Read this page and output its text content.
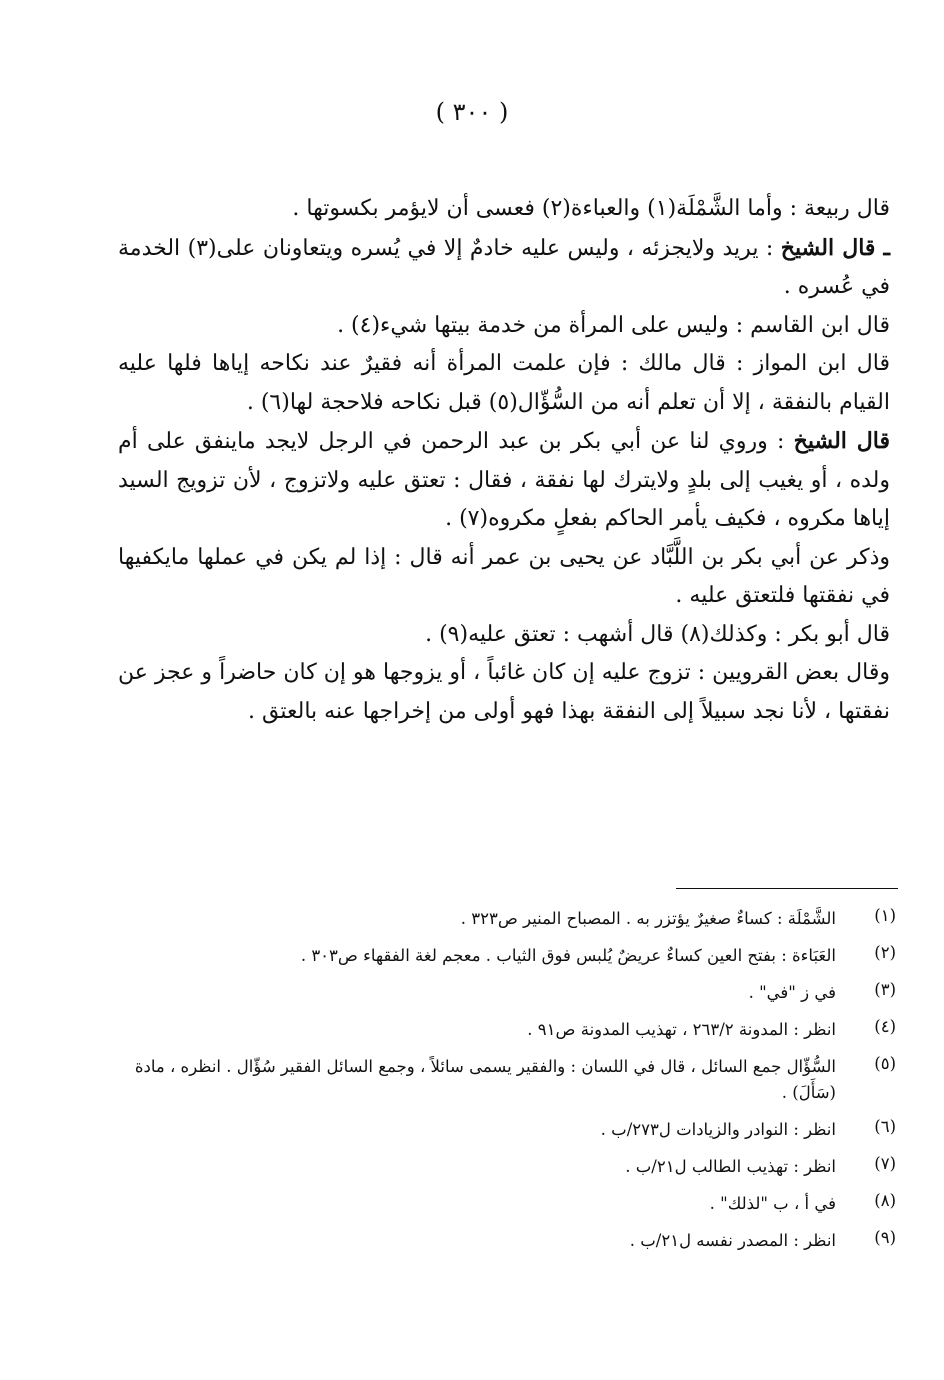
( ٣٠٠ )

قال ربيعة : وأما الشَّمْلَة(١) والعباءة(٢) فعسى أن لايؤمر بكسوتها .

ـ قال الشيخ : يريد ولايجزئه ، وليس عليه خادمٌ إلا في يُسره ويتعاونان على(٣) الخدمة في عُسره .

قال ابن القاسم : وليس على المرأة من خدمة بيتها شيء(٤) .

قال ابن المواز : قال مالك : فإن علمت المرأة أنه فقيرٌ عند نكاحه إياها فلها عليه القيام بالنفقة ، إلا أن تعلم أنه من السُّؤّال(٥) قبل نكاحه فلاحجة لها(٦) .

قال الشيخ : وروي لنا عن أبي بكر بن عبد الرحمن في الرجل لايجد ماينفق على أم ولده ، أو يغيب إلى بلدٍ ولايترك لها نفقة ، فقال : تعتق عليه ولاتزوج ، لأن تزويج السيد إياها مكروه ، فكيف يأمر الحاكم بفعلٍ مكروه(٧) .

وذكر عن أبي بكر بن اللَّبَّاد عن يحيى بن عمر أنه قال : إذا لم يكن في عملها مايكفيها في نفقتها فلتعتق عليه .

قال أبو بكر : وكذلك(٨) قال أشهب : تعتق عليه(٩) .

وقال بعض القرويين : تزوج عليه إن كان غائباً ، أو يزوجها هو إن كان حاضراً و عجز عن نفقتها ، لأنا نجد سبيلاً إلى النفقة بهذا فهو أولى من إخراجها عنه بالعتق .

(١)
الشَّمْلَة : كساءٌ صغيرٌ يؤتزر به . المصباح المنير ص٣٢٣ .
(٢)
العَبَاءة : بفتح العين كساءٌ عريضٌ يُلبس فوق الثياب . معجم لغة الفقهاء ص٣٠٣ .
(٣)
في ز "في" .
(٤)
انظر : المدونة ٢٦٣/٢ ، تهذيب المدونة ص٩١ .
(٥)
السُّؤّال جمع السائل ، قال في اللسان : والفقير يسمى سائلاً ، وجمع السائل الفقير سُؤّال . انظره ، مادة (سَأَلَ) .
(٦)
انظر : النوادر والزيادات ل٢٧٣/ب .
(٧)
انظر : تهذيب الطالب ل٢١/ب .
(٨)
في أ ، ب "لذلك" .
(٩)
انظر : المصدر نفسه ل٢١/ب .
